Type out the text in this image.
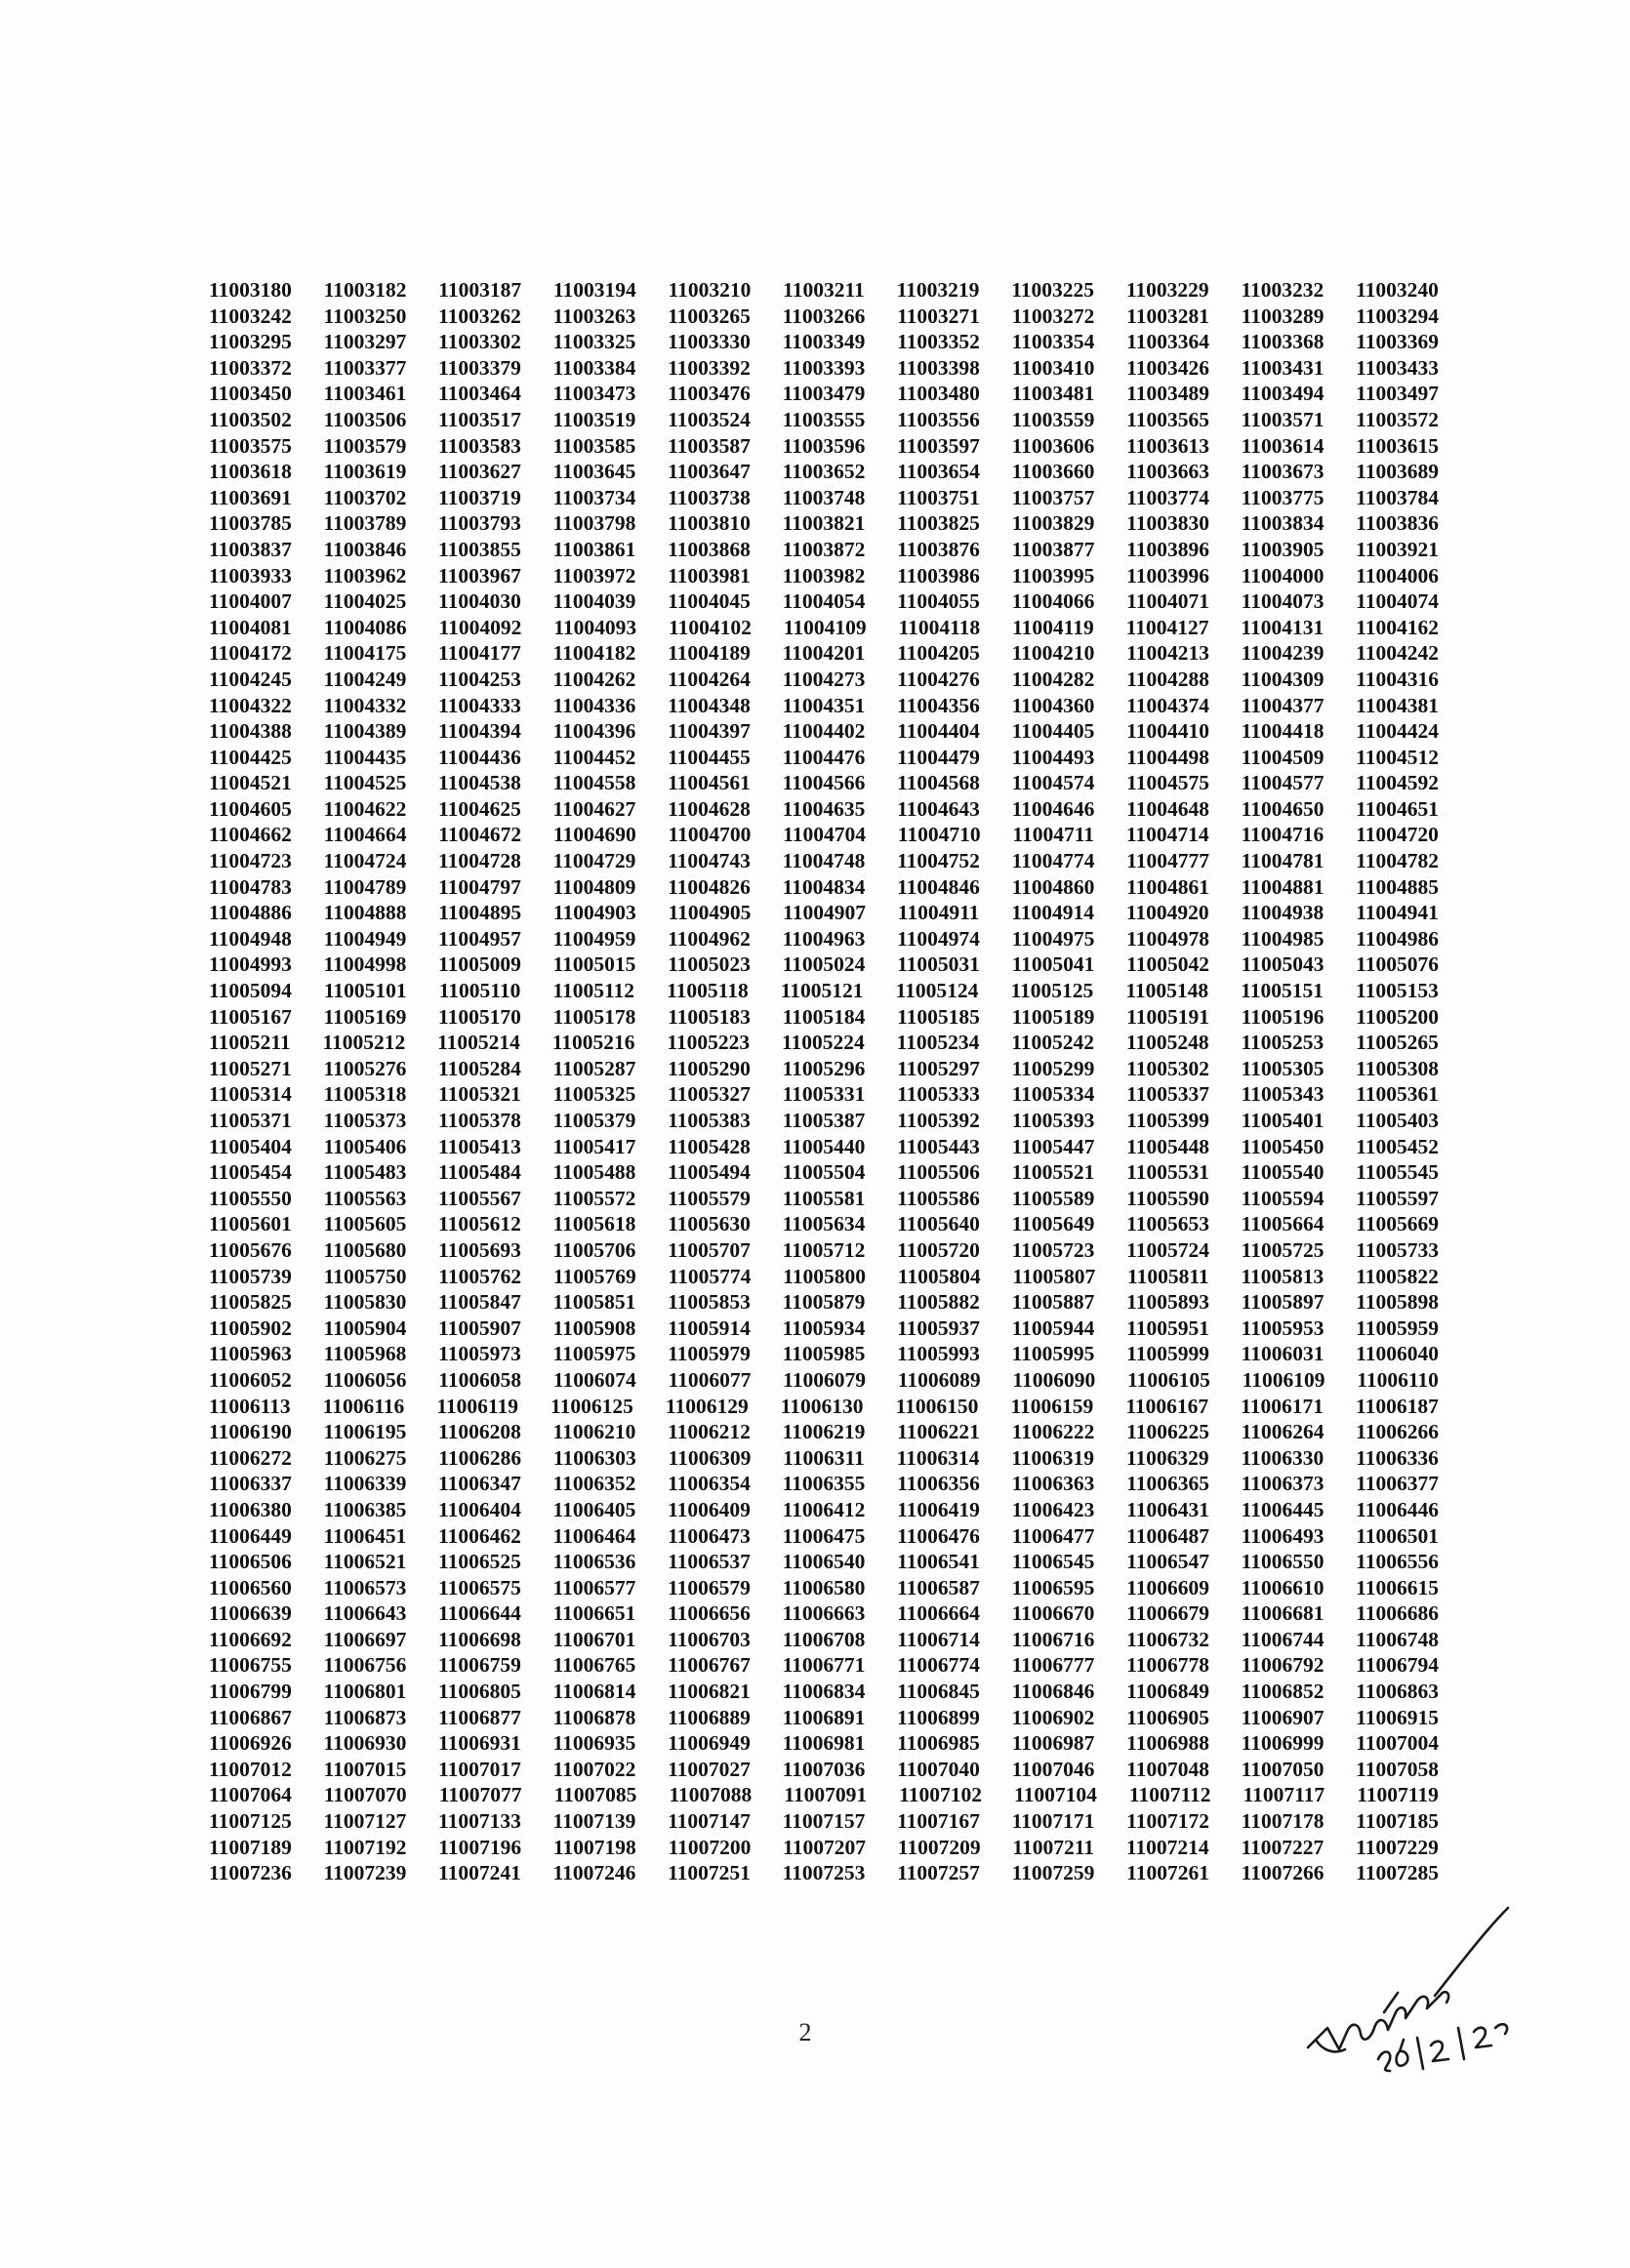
11003180 11003182 11003187 11003194 11003210 11003211 11003219 11003225 11003229 11003232 11003240
11003242 11003250 11003262 11003263 11003265 11003266 11003271 11003272 11003281 11003289 11003294
11003295 11003297 11003302 11003325 11003330 11003349 11003352 11003354 11003364 11003368 11003369
11003372 11003377 11003379 11003384 11003392 11003393 11003398 11003410 11003426 11003431 11003433
11003450 11003461 11003464 11003473 11003476 11003479 11003480 11003481 11003489 11003494 11003497
11003502 11003506 11003517 11003519 11003524 11003555 11003556 11003559 11003565 11003571 11003572
11003575 11003579 11003583 11003585 11003587 11003596 11003597 11003606 11003613 11003614 11003615
11003618 11003619 11003627 11003645 11003647 11003652 11003654 11003660 11003663 11003673 11003689
11003691 11003702 11003719 11003734 11003738 11003748 11003751 11003757 11003774 11003775 11003784
11003785 11003789 11003793 11003798 11003810 11003821 11003825 11003829 11003830 11003834 11003836
11003837 11003846 11003855 11003861 11003868 11003872 11003876 11003877 11003896 11003905 11003921
11003933 11003962 11003967 11003972 11003981 11003982 11003986 11003995 11003996 11004000 11004006
11004007 11004025 11004030 11004039 11004045 11004054 11004055 11004066 11004071 11004073 11004074
11004081 11004086 11004092 11004093 11004102 11004109 11004118 11004119 11004127 11004131 11004162
11004172 11004175 11004177 11004182 11004189 11004201 11004205 11004210 11004213 11004239 11004242
11004245 11004249 11004253 11004262 11004264 11004273 11004276 11004282 11004288 11004309 11004316
11004322 11004332 11004333 11004336 11004348 11004351 11004356 11004360 11004374 11004377 11004381
11004388 11004389 11004394 11004396 11004397 11004402 11004404 11004405 11004410 11004418 11004424
11004425 11004435 11004436 11004452 11004455 11004476 11004479 11004493 11004498 11004509 11004512
11004521 11004525 11004538 11004558 11004561 11004566 11004568 11004574 11004575 11004577 11004592
11004605 11004622 11004625 11004627 11004628 11004635 11004643 11004646 11004648 11004650 11004651
11004662 11004664 11004672 11004690 11004700 11004704 11004710 11004711 11004714 11004716 11004720
11004723 11004724 11004728 11004729 11004743 11004748 11004752 11004774 11004777 11004781 11004782
11004783 11004789 11004797 11004809 11004826 11004834 11004846 11004860 11004861 11004881 11004885
11004886 11004888 11004895 11004903 11004905 11004907 11004911 11004914 11004920 11004938 11004941
11004948 11004949 11004957 11004959 11004962 11004963 11004974 11004975 11004978 11004985 11004986
11004993 11004998 11005009 11005015 11005023 11005024 11005031 11005041 11005042 11005043 11005076
11005094 11005101 11005110 11005112 11005118 11005121 11005124 11005125 11005148 11005151 11005153
11005167 11005169 11005170 11005178 11005183 11005184 11005185 11005189 11005191 11005196 11005200
11005211 11005212 11005214 11005216 11005223 11005224 11005234 11005242 11005248 11005253 11005265
11005271 11005276 11005284 11005287 11005290 11005296 11005297 11005299 11005302 11005305 11005308
11005314 11005318 11005321 11005325 11005327 11005331 11005333 11005334 11005337 11005343 11005361
11005371 11005373 11005378 11005379 11005383 11005387 11005392 11005393 11005399 11005401 11005403
11005404 11005406 11005413 11005417 11005428 11005440 11005443 11005447 11005448 11005450 11005452
11005454 11005483 11005484 11005488 11005494 11005504 11005506 11005521 11005531 11005540 11005545
11005550 11005563 11005567 11005572 11005579 11005581 11005586 11005589 11005590 11005594 11005597
11005601 11005605 11005612 11005618 11005630 11005634 11005640 11005649 11005653 11005664 11005669
11005676 11005680 11005693 11005706 11005707 11005712 11005720 11005723 11005724 11005725 11005733
11005739 11005750 11005762 11005769 11005774 11005800 11005804 11005807 11005811 11005813 11005822
11005825 11005830 11005847 11005851 11005853 11005879 11005882 11005887 11005893 11005897 11005898
11005902 11005904 11005907 11005908 11005914 11005934 11005937 11005944 11005951 11005953 11005959
11005963 11005968 11005973 11005975 11005979 11005985 11005993 11005995 11005999 11006031 11006040
11006052 11006056 11006058 11006074 11006077 11006079 11006089 11006090 11006105 11006109 11006110
11006113 11006116 11006119 11006125 11006129 11006130 11006150 11006159 11006167 11006171 11006187
11006190 11006195 11006208 11006210 11006212 11006219 11006221 11006222 11006225 11006264 11006266
11006272 11006275 11006286 11006303 11006309 11006311 11006314 11006319 11006329 11006330 11006336
11006337 11006339 11006347 11006352 11006354 11006355 11006356 11006363 11006365 11006373 11006377
11006380 11006385 11006404 11006405 11006409 11006412 11006419 11006423 11006431 11006445 11006446
11006449 11006451 11006462 11006464 11006473 11006475 11006476 11006477 11006487 11006493 11006501
11006506 11006521 11006525 11006536 11006537 11006540 11006541 11006545 11006547 11006550 11006556
11006560 11006573 11006575 11006577 11006579 11006580 11006587 11006595 11006609 11006610 11006615
11006639 11006643 11006644 11006651 11006656 11006663 11006664 11006670 11006679 11006681 11006686
11006692 11006697 11006698 11006701 11006703 11006708 11006714 11006716 11006732 11006744 11006748
11006755 11006756 11006759 11006765 11006767 11006771 11006774 11006777 11006778 11006792 11006794
11006799 11006801 11006805 11006814 11006821 11006834 11006845 11006846 11006849 11006852 11006863
11006867 11006873 11006877 11006878 11006889 11006891 11006899 11006902 11006905 11006907 11006915
11006926 11006930 11006931 11006935 11006949 11006981 11006985 11006987 11006988 11006999 11007004
11007012 11007015 11007017 11007022 11007027 11007036 11007040 11007046 11007048 11007050 11007058
11007064 11007070 11007077 11007085 11007088 11007091 11007102 11007104 11007112 11007117 11007119
11007125 11007127 11007133 11007139 11007147 11007157 11007167 11007171 11007172 11007178 11007185
11007189 11007192 11007196 11007198 11007200 11007207 11007209 11007211 11007214 11007227 11007229
11007236 11007239 11007241 11007246 11007251 11007253 11007257 11007259 11007261 11007266 11007285
2
